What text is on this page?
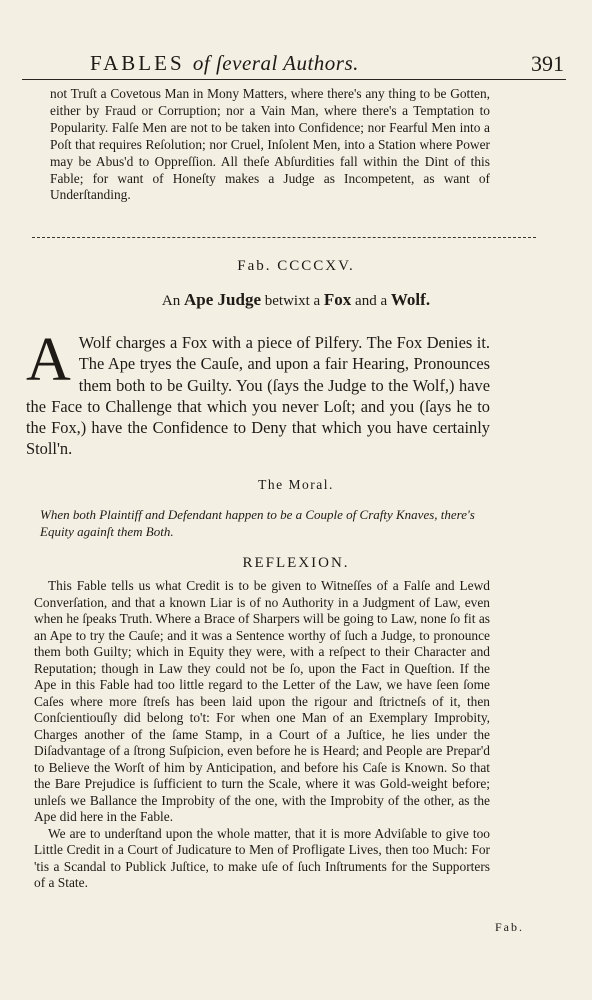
FABLES of ſeveral Authors.	391

not Truſt a Covetous Man in Mony Matters, where there's any thing to be Gotten, either by Fraud or Corruption; nor a Vain Man, where there's a Temptation to Popularity. Falſe Men are not to be taken into Confidence; nor Fearful Men into a Poſt that requires Reſolution; nor Cruel, Inſolent Men, into a Station where Power may be Abus'd to Oppreſſion. All theſe Abſurdities fall within the Dint of this Fable; for want of Honeſty makes a Judge as Incompetent, as want of Underſtanding.

Fab. CCCCXV.
An Ape Judge betwixt a Fox and a Wolf.
A Wolf charges a Fox with a piece of Pilfery. The Fox Denies it. The Ape tryes the Cauſe, and upon a fair Hearing, Pronounces them both to be Guilty. You (ſays the Judge to the Wolf,) have the Face to Challenge that which you never Loſt; and you (ſays he to the Fox,) have the Confidence to Deny that which you have certainly Stoll'n.
The Moral.
When both Plaintiff and Defendant happen to be a Couple of Crafty Knaves, there's Equity againſt them Both.
REFLEXION.

This Fable tells us what Credit is to be given to Witneſſes of a Falſe and Lewd Converſation, and that a known Liar is of no Authority in a Judgment of Law, even when he ſpeaks Truth. Where a Brace of Sharpers will be going to Law, none ſo fit as an Ape to try the Cauſe; and it was a Sentence worthy of ſuch a Judge, to pronounce them both Guilty; which in Equity they were, with a reſpect to their Character and Reputation; though in Law they could not be ſo, upon the Fact in Queſtion. If the Ape in this Fable had too little regard to the Letter of the Law, we have ſeen ſome Caſes where more ſtreſs has been laid upon the rigour and ſtrictneſs of it, then Conſcientiouſly did belong to't: For when one Man of an Exemplary Improbity, Charges another of the ſame Stamp, in a Court of a Juſtice, he lies under the Diſadvantage of a ſtrong Suſpicion, even before he is Heard; and People are Prepar'd to Believe the Worſt of him by Anticipation, and before his Caſe is Known. So that the Bare Prejudice is ſufficient to turn the Scale, where it was Gold-weight before; unleſs we Ballance the Improbity of the one, with the Improbity of the other, as the Ape did here in the Fable.

We are to underſtand upon the whole matter, that it is more Adviſable to give too Little Credit in a Court of Judicature to Men of Profligate Lives, then too Much: For 'tis a Scandal to Publick Juſtice, to make uſe of ſuch Inſtruments for the Supporters of a State.

Fab.
